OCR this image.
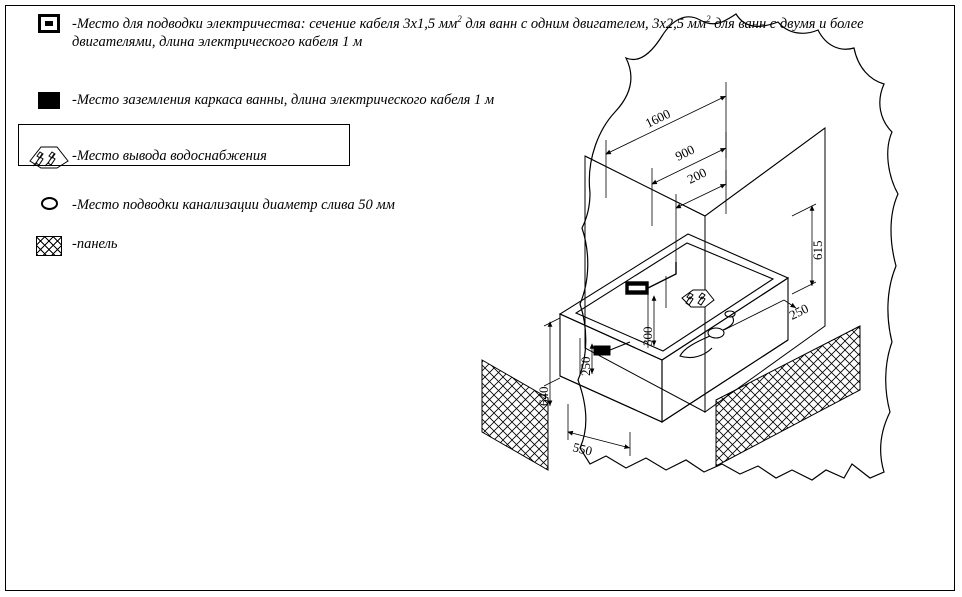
-Место для подводки электричества: сечение кабеля 3х1,5 $мм^2$ для ванн с одним двигателем, 3х2,5 $мм^2$ для ванн с двумя и более двигателями, длина электрического кабеля 1 м
-Место заземления каркаса ванны, длина электрического кабеля 1 м
-Место вывода водоснабжения
-Место подводки канализации диаметр слива 50 мм
-панель
1600
900
200
615
250
640
550
300
250
